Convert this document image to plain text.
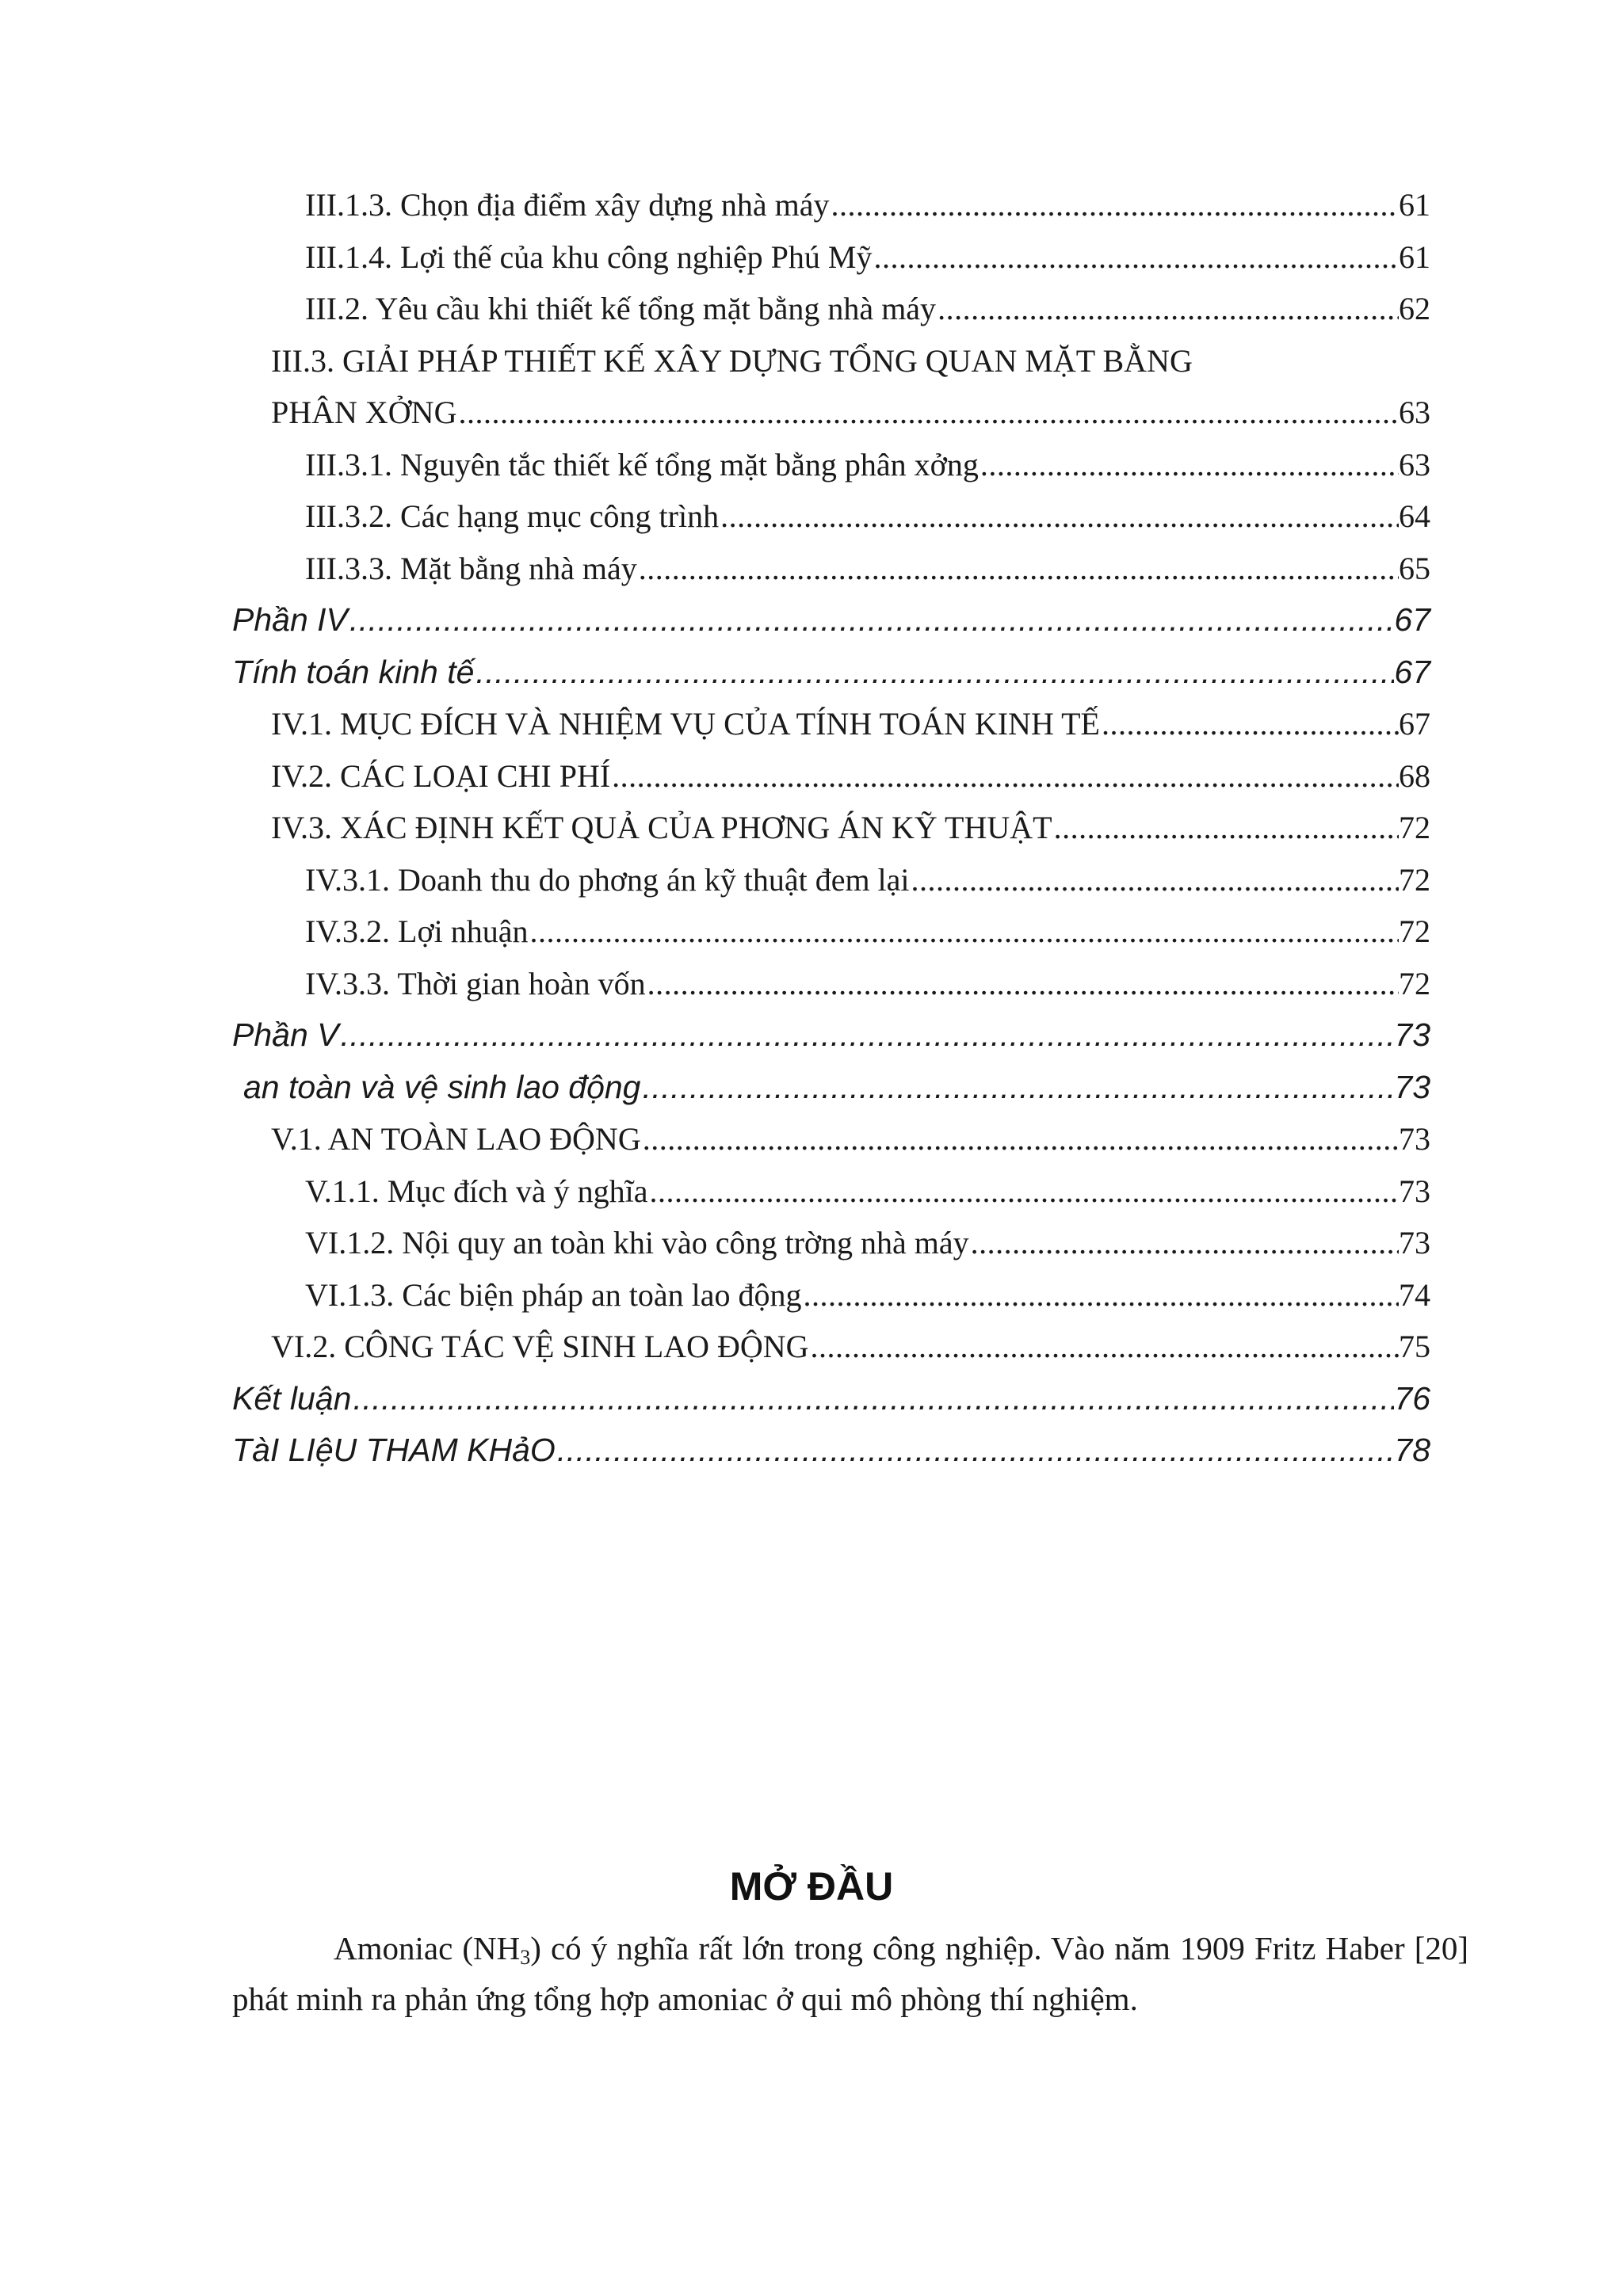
III.1.3. Chọn địa điểm xây dựng nhà máy .....	61
III.1.4. Lợi thế của khu công nghiệp Phú Mỹ .....	61
III.2. Yêu cầu khi thiết kế tổng mặt bằng nhà máy .....	62
III.3. GIẢI PHÁP THIẾT KẾ XÂY DỰNG TỔNG QUAN MẶT BẰNG
PHÂN XỞNG .....	63
III.3.1. Nguyên tắc thiết kế tổng mặt bằng phân xởng .....	63
III.3.2. Các hạng mục công trình .....	64
III.3.3. Mặt bằng nhà máy .....	65
Phần IV .....	67
Tính toán kinh tế .....	67
IV.1. MỤC ĐÍCH VÀ NHIỆM VỤ CỦA TÍNH TOÁN KINH TẾ .....	67
IV.2. CÁC LOẠI CHI PHÍ .....	68
IV.3. XÁC ĐỊNH KẾT QUẢ CỦA PHƠNG ÁN KỸ THUẬT .....	72
IV.3.1. Doanh thu do phơng án kỹ thuật đem lại .....	72
IV.3.2. Lợi nhuận .....	72
IV.3.3. Thời gian hoàn vốn .....	72
Phần V .....	73
an toàn và vệ sinh lao động .....	73
V.1. AN TOÀN LAO ĐỘNG .....	73
V.1.1. Mục đích và ý nghĩa .....	73
VI.1.2. Nội quy an toàn khi vào công trờng nhà máy .....	73
VI.1.3. Các biện pháp an toàn lao động .....	74
VI.2. CÔNG TÁC VỆ SINH LAO ĐỘNG .....	75
Kết luận .....	76
TàI LIệU THAM KHảO .....	78
MỞ ĐẦU
Amoniac $(NH_3)$ có ý nghĩa rất lớn trong công nghiệp. Vào năm 1909 Fritz Haber [20] phát minh ra phản ứng tổng hợp amoniac ở qui mô phòng thí nghiệm.
